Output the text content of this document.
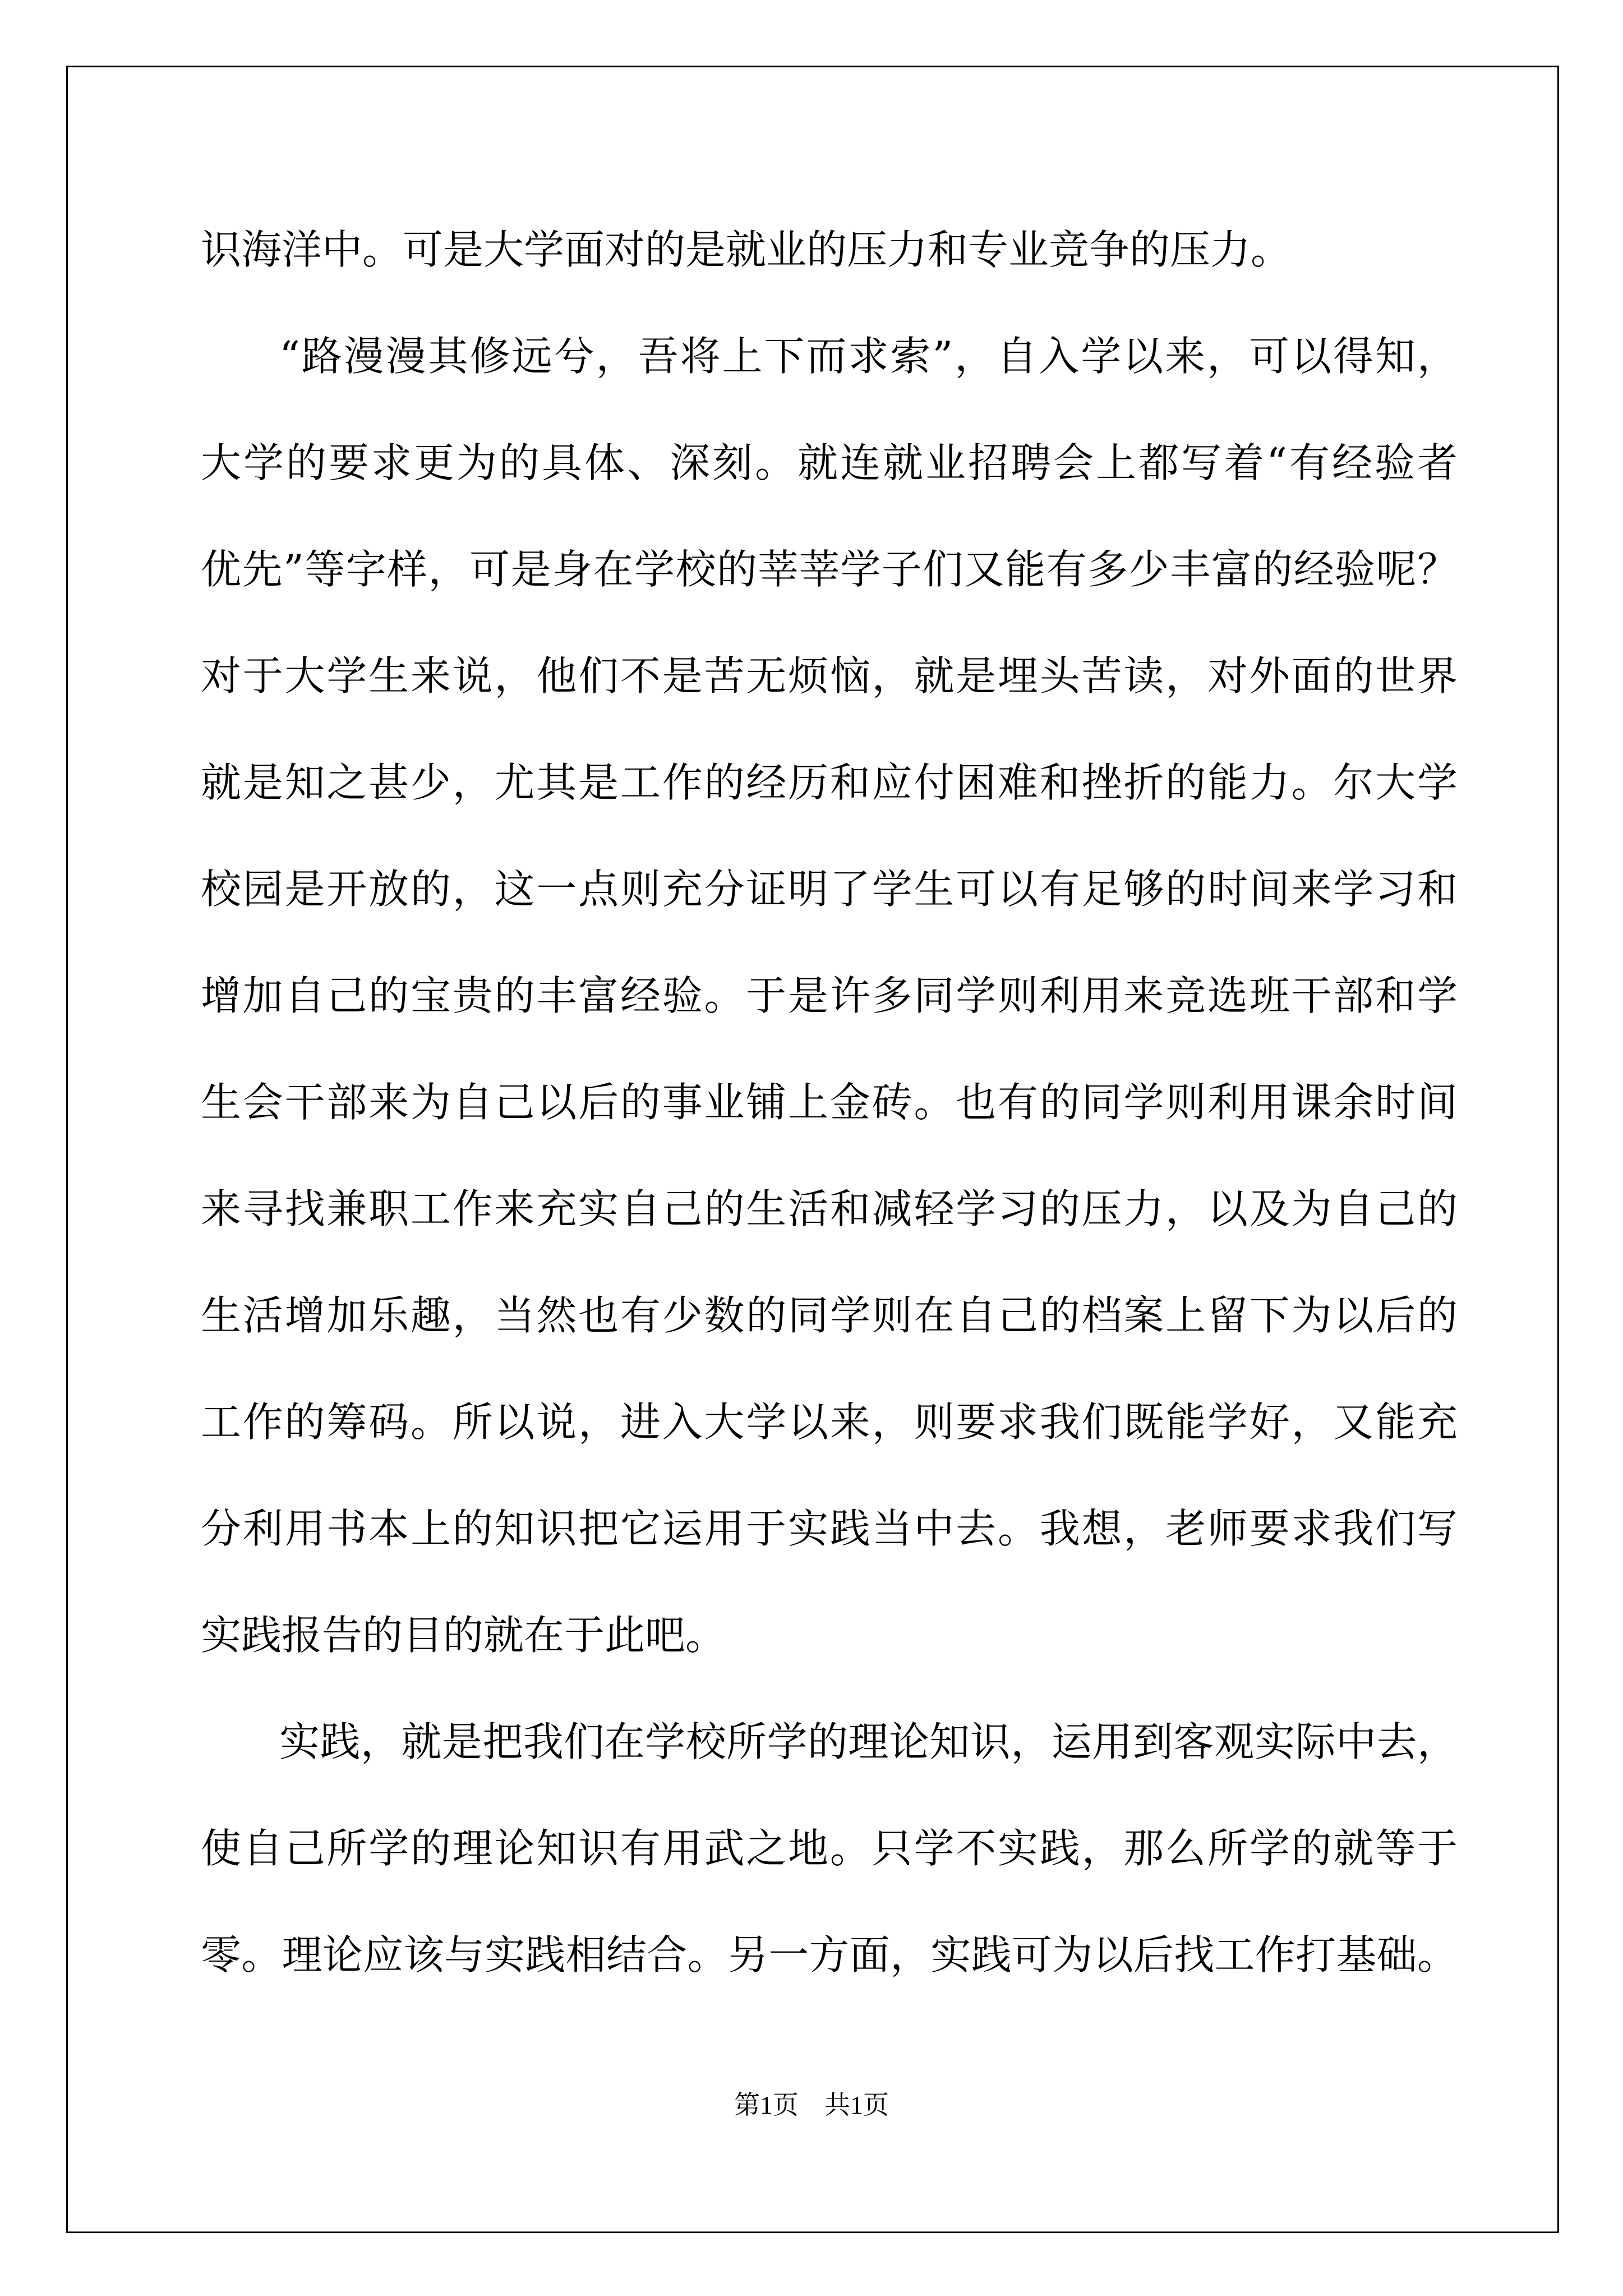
识海洋中。可是大学面对的是就业的压力和专业竞争的压力。
“路漫漫其修远兮，吾将上下而求索”，自入学以来，可以得知，
大学的要求更为的具体、深刻。就连就业招聘会上都写着“有经验者
优先”等字样，可是身在学校的莘莘学子们又能有多少丰富的经验呢？
对于大学生来说，他们不是苦无烦恼，就是埋头苦读，对外面的世界
就是知之甚少，尤其是工作的经历和应付困难和挫折的能力。尔大学
校园是开放的，这一点则充分证明了学生可以有足够的时间来学习和
增加自己的宝贵的丰富经验。于是许多同学则利用来竞选班干部和学
生会干部来为自己以后的事业铺上金砖。也有的同学则利用课余时间
来寻找兼职工作来充实自己的生活和减轻学习的压力，以及为自己的
生活增加乐趣，当然也有少数的同学则在自己的档案上留下为以后的
工作的筹码。所以说，进入大学以来，则要求我们既能学好，又能充
分利用书本上的知识把它运用于实践当中去。我想，老师要求我们写
实践报告的目的就在于此吧。
实践，就是把我们在学校所学的理论知识，运用到客观实际中去，
使自己所学的理论知识有用武之地。只学不实践，那么所学的就等于
零。理论应该与实践相结合。另一方面，实践可为以后找工作打基础。
第1页 共1页
